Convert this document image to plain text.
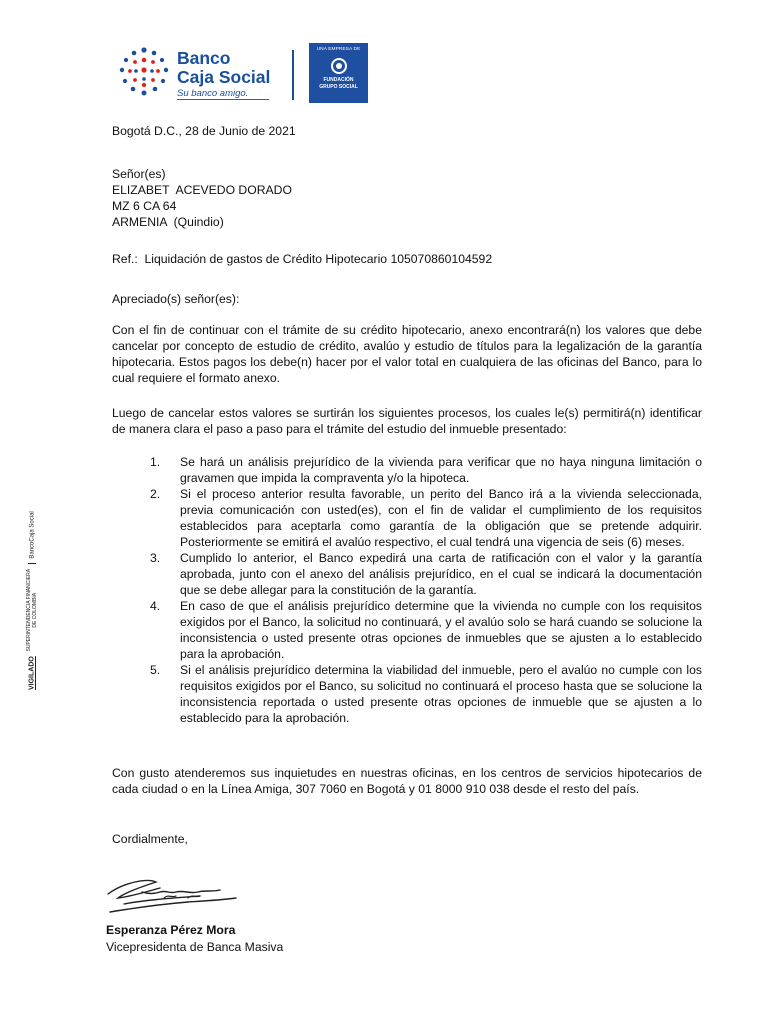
Banco
Caja Social
Su banco amigo.
UNA EMPRESA DE
FUNDACIÓN
GRUPO SOCIAL
VIGILADO
SUPERINTENDENCIA FINANCIERA DE COLOMBIA
BancoCaja Social
Bogotá D.C., 28 de Junio de 2021
Señor(es)
ELIZABET  ACEVEDO DORADO
MZ 6 CA 64
ARMENIA  (Quindio)
Ref.:  Liquidación de gastos de Crédito Hipotecario 105070860104592
Apreciado(s) señor(es):
Con el fin de continuar con el trámite de su crédito hipotecario, anexo encontrará(n) los valores que debe cancelar por concepto de estudio de crédito, avalúo y estudio de títulos para la legalización de la garantía hipotecaria. Estos pagos los debe(n) hacer por el valor total en cualquiera de las oficinas del Banco, para lo cual requiere el formato anexo.
Luego de cancelar estos valores se surtirán los siguientes procesos, los cuales le(s) permitirá(n) identificar de manera clara el paso a paso para el trámite del estudio del inmueble presentado:
1. Se hará un análisis prejurídico de la vivienda para verificar que no haya ninguna limitación o gravamen que impida la compraventa y/o la hipoteca.
2. Si el proceso anterior resulta favorable, un perito del Banco irá a la vivienda seleccionada, previa comunicación con usted(es), con el fin de validar el cumplimiento de los requisitos establecidos para aceptarla como garantía de la obligación que se pretende adquirir. Posteriormente se emitirá el avalúo respectivo, el cual tendrá una vigencia de seis (6) meses.
3. Cumplido lo anterior, el Banco expedirá una carta de ratificación con el valor y la garantía aprobada, junto con el anexo del análisis prejurídico, en el cual se indicará la documentación que se debe allegar para la constitución de la garantía.
4. En caso de que el análisis prejurídico determine que la vivienda no cumple con los requisitos exigidos por el Banco, la solicitud no continuará, y el avalúo solo se hará cuando se solucione la inconsistencia o usted presente otras opciones de inmuebles que se ajusten a lo establecido para la aprobación.
5. Si el análisis prejurídico determina la viabilidad del inmueble, pero el avalúo no cumple con los requisitos exigidos por el Banco, su solicitud no continuará el proceso hasta que se solucione la inconsistencia reportada o usted presente otras opciones de inmueble que se ajusten a lo establecido para la aprobación.
Con gusto atenderemos sus inquietudes en nuestras oficinas, en los centros de servicios hipotecarios de cada ciudad o en la Línea Amiga, 307 7060 en Bogotá y 01 8000 910 038 desde el resto del país.
Cordialmente,
Esperanza Pérez Mora
Vicepresidenta de Banca Masiva
